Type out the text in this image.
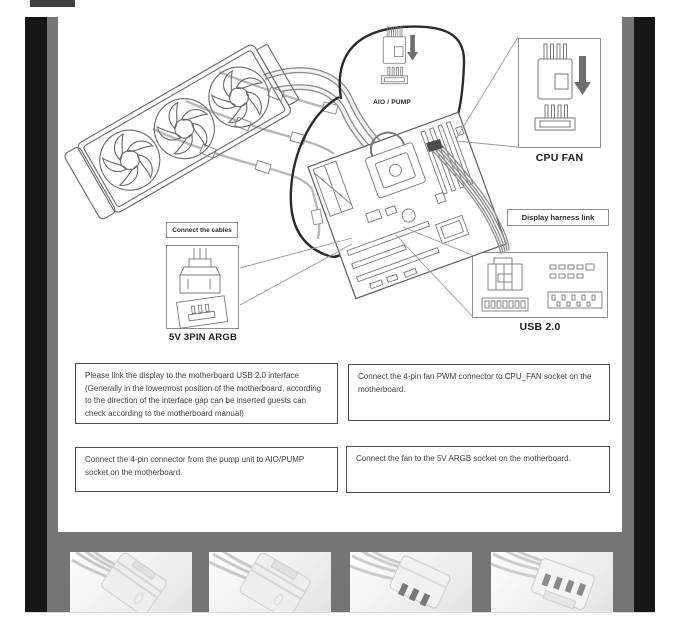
Connect the cables
AIO / PUMP
CPU FAN
Display harness link
USB 2.0
5V 3PIN ARGB
Please link the display to the motherboard USB 2.0 interface (Generally in the lowermost position of the motherboard, according to the direction of the interface gap can be inserted guests can check according to the motherboard manual)
Connect the 4-pin fan PWM connector to CPU_FAN socket on the motherboard.
Connect the 4-pin connector from the pump unit to AIO/PUMP socket on the motherboard.
Connect the fan to the 5V ARGB socket on the motherboard.
